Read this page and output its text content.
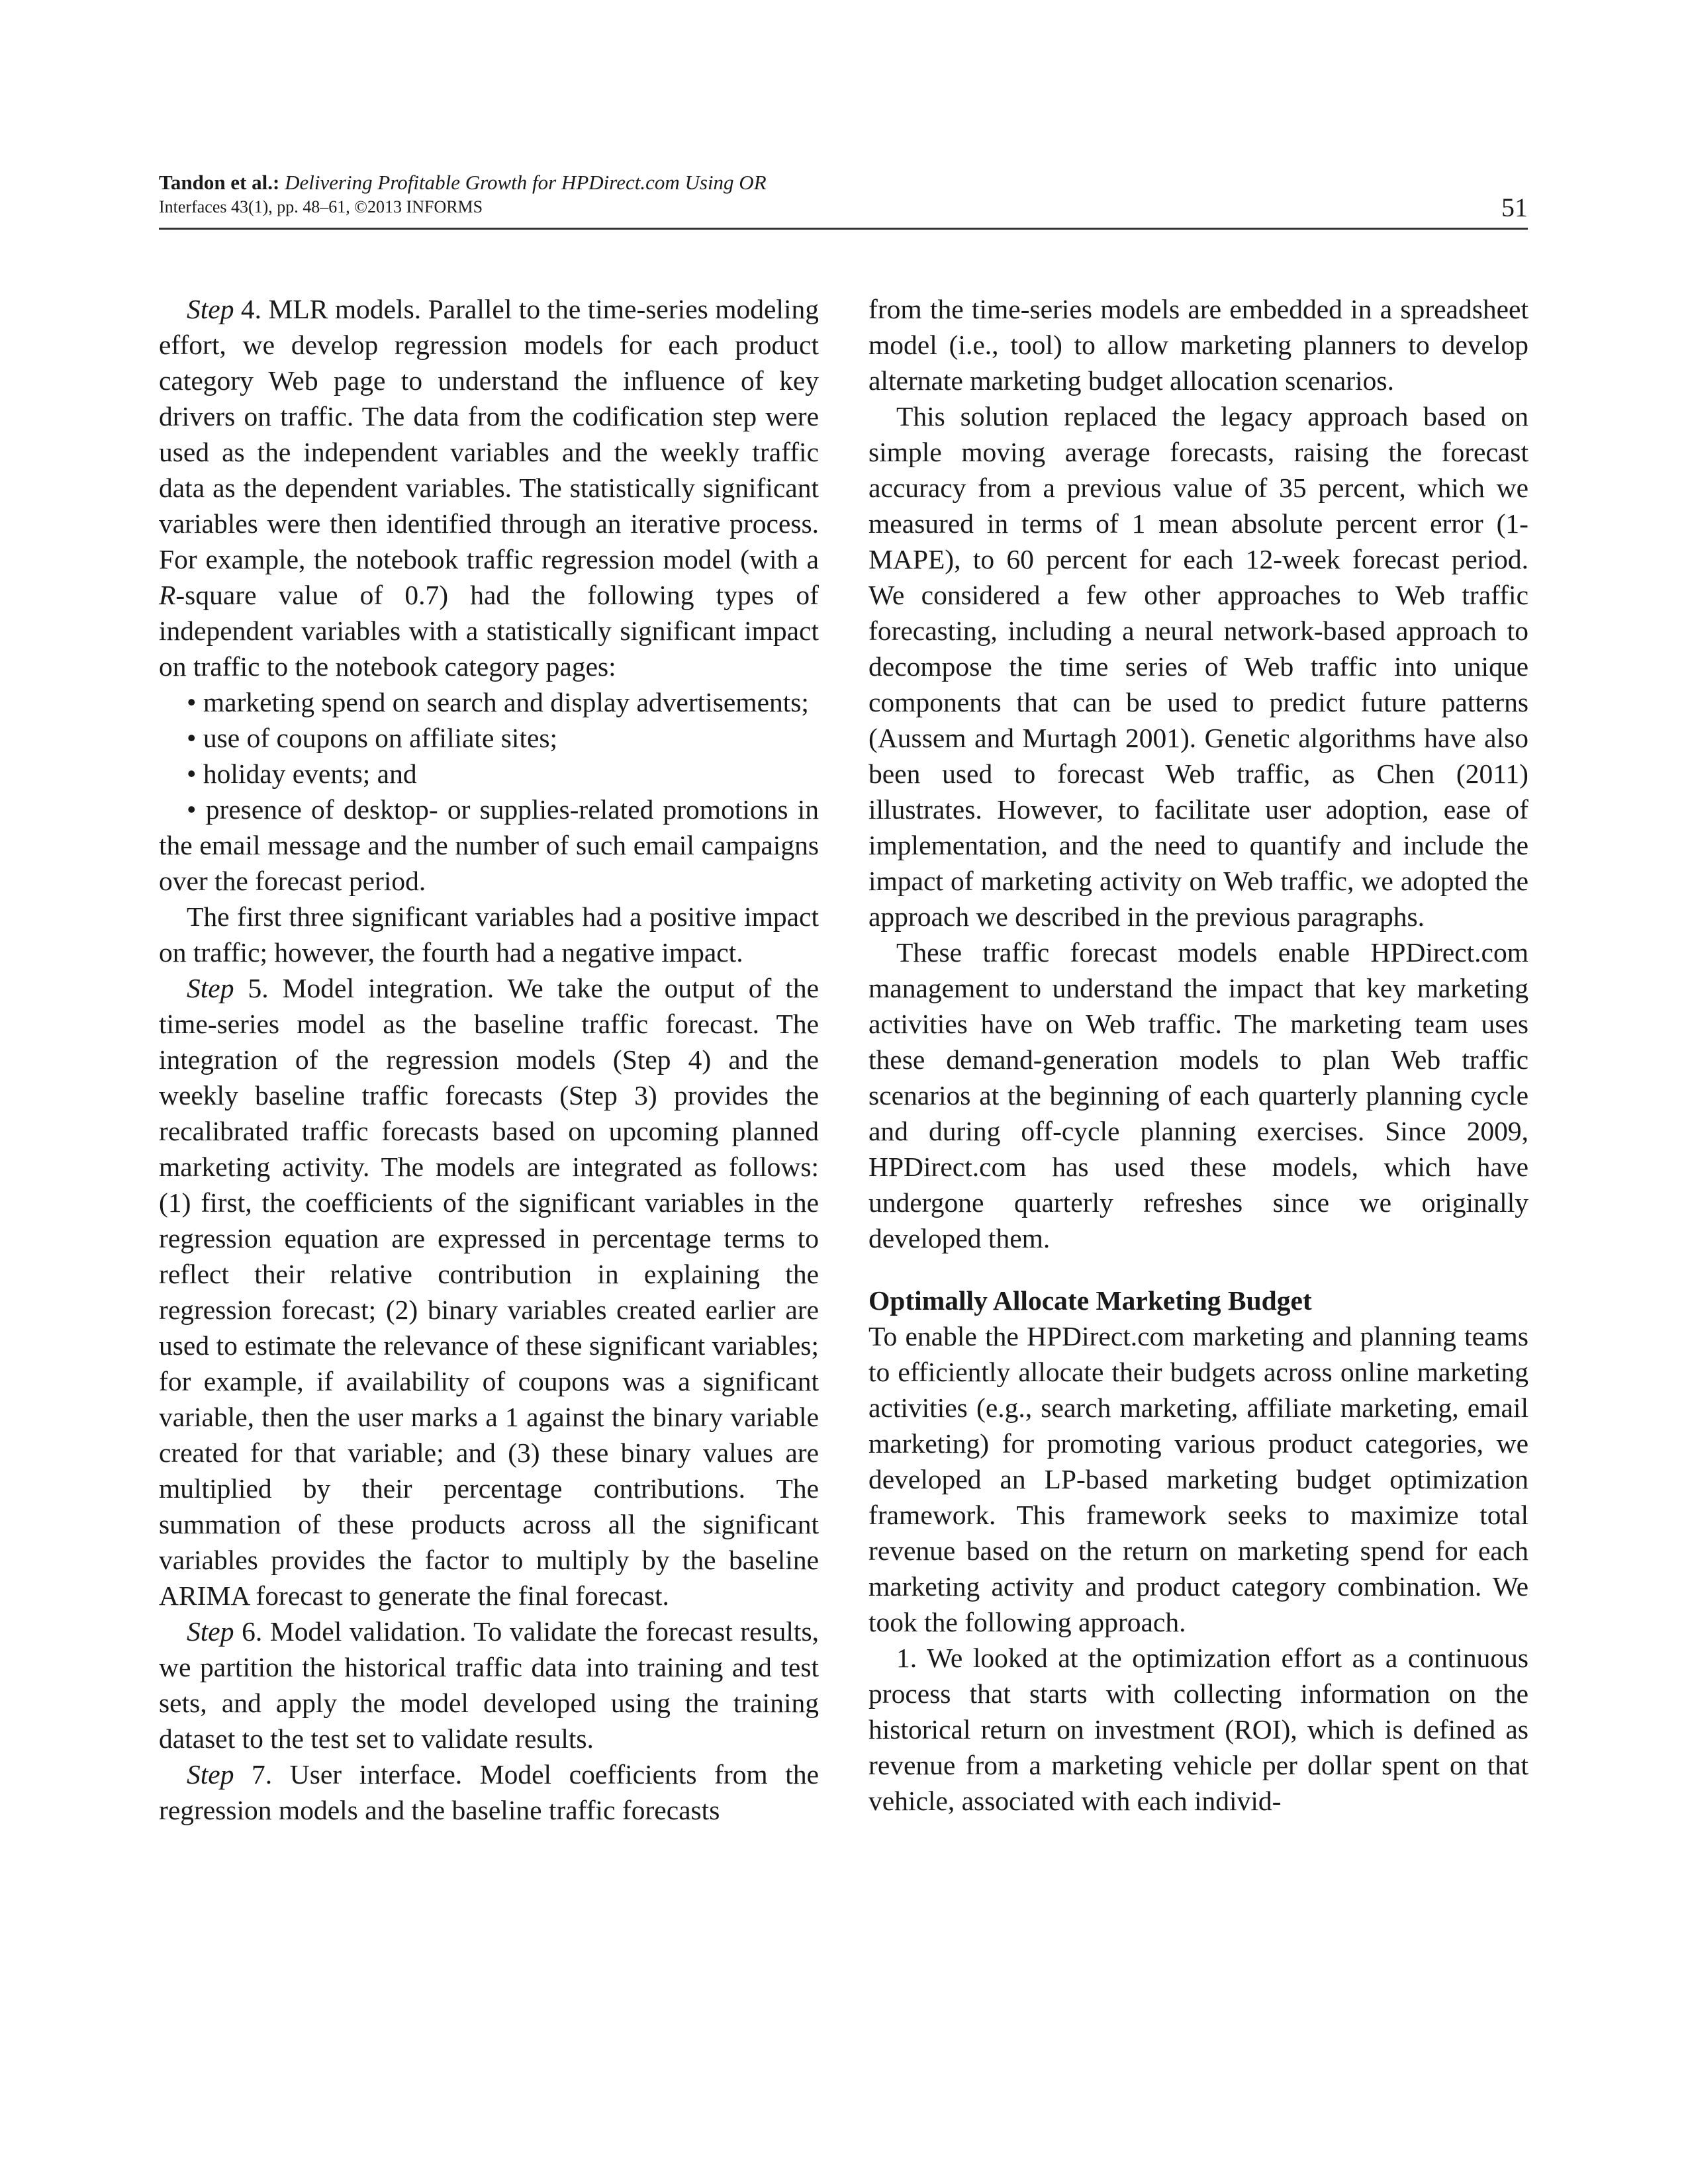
Tandon et al.: Delivering Profitable Growth for HPDirect.com Using OR
Interfaces 43(1), pp. 48–61, ©2013 INFORMS	51

Step 4. MLR models. Parallel to the time-series modeling effort, we develop regression models for each product category Web page to understand the influence of key drivers on traffic. The data from the codification step were used as the independent variables and the weekly traffic data as the dependent variables. The statistically significant variables were then identified through an iterative process. For example, the notebook traffic regression model (with a R-square value of 0.7) had the following types of independent variables with a statistically significant impact on traffic to the notebook category pages:

• marketing spend on search and display advertisements;

• use of coupons on affiliate sites;

• holiday events; and

• presence of desktop- or supplies-related promotions in the email message and the number of such email campaigns over the forecast period.

The first three significant variables had a positive impact on traffic; however, the fourth had a negative impact.

Step 5. Model integration. We take the output of the time-series model as the baseline traffic forecast. The integration of the regression models (Step 4) and the weekly baseline traffic forecasts (Step 3) provides the recalibrated traffic forecasts based on upcoming planned marketing activity. The models are integrated as follows: (1) first, the coefficients of the significant variables in the regression equation are expressed in percentage terms to reflect their relative contribution in explaining the regression forecast; (2) binary variables created earlier are used to estimate the relevance of these significant variables; for example, if availability of coupons was a significant variable, then the user marks a 1 against the binary variable created for that variable; and (3) these binary values are multiplied by their percentage contributions. The summation of these products across all the significant variables provides the factor to multiply by the baseline ARIMA forecast to generate the final forecast.

Step 6. Model validation. To validate the forecast results, we partition the historical traffic data into training and test sets, and apply the model developed using the training dataset to the test set to validate results.

Step 7. User interface. Model coefficients from the regression models and the baseline traffic forecasts

from the time-series models are embedded in a spreadsheet model (i.e., tool) to allow marketing planners to develop alternate marketing budget allocation scenarios.

This solution replaced the legacy approach based on simple moving average forecasts, raising the forecast accuracy from a previous value of 35 percent, which we measured in terms of 1 mean absolute percent error (1-MAPE), to 60 percent for each 12-week forecast period. We considered a few other approaches to Web traffic forecasting, including a neural network-based approach to decompose the time series of Web traffic into unique components that can be used to predict future patterns (Aussem and Murtagh 2001). Genetic algorithms have also been used to forecast Web traffic, as Chen (2011) illustrates. However, to facilitate user adoption, ease of implementation, and the need to quantify and include the impact of marketing activity on Web traffic, we adopted the approach we described in the previous paragraphs.

These traffic forecast models enable HPDirect.com management to understand the impact that key marketing activities have on Web traffic. The marketing team uses these demand-generation models to plan Web traffic scenarios at the beginning of each quarterly planning cycle and during off-cycle planning exercises. Since 2009, HPDirect.com has used these models, which have undergone quarterly refreshes since we originally developed them.

Optimally Allocate Marketing Budget

To enable the HPDirect.com marketing and planning teams to efficiently allocate their budgets across online marketing activities (e.g., search marketing, affiliate marketing, email marketing) for promoting various product categories, we developed an LP-based marketing budget optimization framework. This framework seeks to maximize total revenue based on the return on marketing spend for each marketing activity and product category combination. We took the following approach.

1. We looked at the optimization effort as a continuous process that starts with collecting information on the historical return on investment (ROI), which is defined as revenue from a marketing vehicle per dollar spent on that vehicle, associated with each individ-
